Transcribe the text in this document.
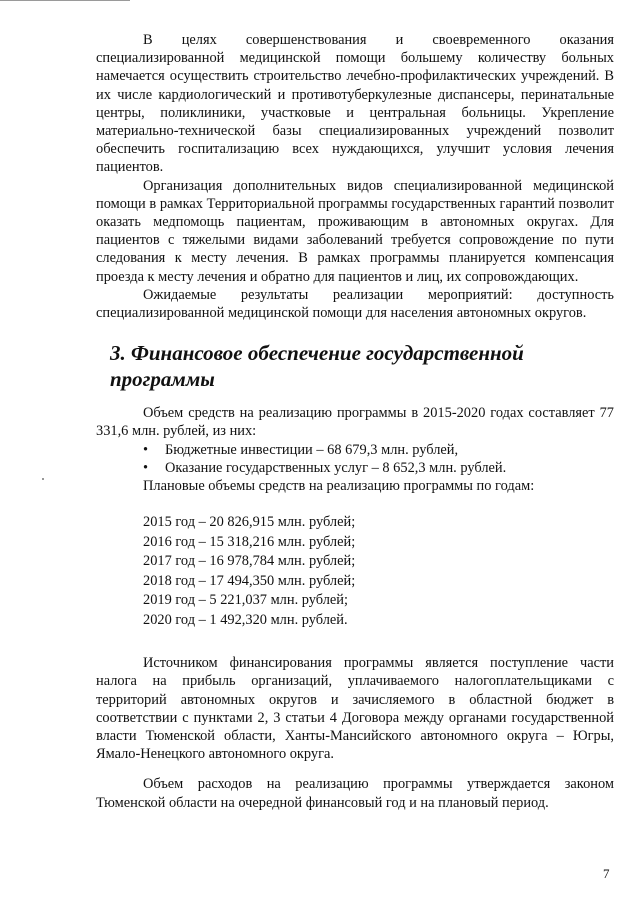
В целях совершенствования и своевременного оказания специализированной медицинской помощи большему количеству больных намечается осуществить строительство лечебно-профилактических учреждений. В их числе кардиологический и противотуберкулезные диспансеры, перинатальные центры, поликлиники, участковые и центральная больницы. Укрепление материально-технической базы специализированных учреждений позволит обеспечить госпитализацию всех нуждающихся, улучшит условия лечения пациентов.

Организация дополнительных видов специализированной медицинской помощи в рамках Территориальной программы государственных гарантий позволит оказать медпомощь пациентам, проживающим в автономных округах. Для пациентов с тяжелыми видами заболеваний требуется сопровождение по пути следования к месту лечения. В рамках программы планируется компенсация проезда к месту лечения и обратно для пациентов и лиц, их сопровождающих.

Ожидаемые результаты реализации мероприятий: доступность специализированной медицинской помощи для населения автономных округов.

3. Финансовое обеспечение государственной программы

Объем средств на реализацию программы в 2015-2020 годах составляет 77 331,6 млн. рублей, из них:

• Бюджетные инвестиции – 68 679,3 млн. рублей,
• Оказание государственных услуг – 8 652,3 млн. рублей.

Плановые объемы средств на реализацию программы по годам:

2015 год – 20 826,915 млн. рублей;
2016 год – 15 318,216 млн. рублей;
2017 год – 16 978,784 млн. рублей;
2018 год – 17 494,350 млн. рублей;
2019 год – 5 221,037 млн. рублей;
2020 год – 1 492,320 млн. рублей.

Источником финансирования программы является поступление части налога на прибыль организаций, уплачиваемого налогоплательщиками с территорий автономных округов и зачисляемого в областной бюджет в соответствии с пунктами 2, 3 статьи 4 Договора между органами государственной власти Тюменской области, Ханты-Мансийского автономного округа – Югры, Ямало-Ненецкого автономного округа.

Объем расходов на реализацию программы утверждается законом Тюменской области на очередной финансовый год и на плановый период.

7
